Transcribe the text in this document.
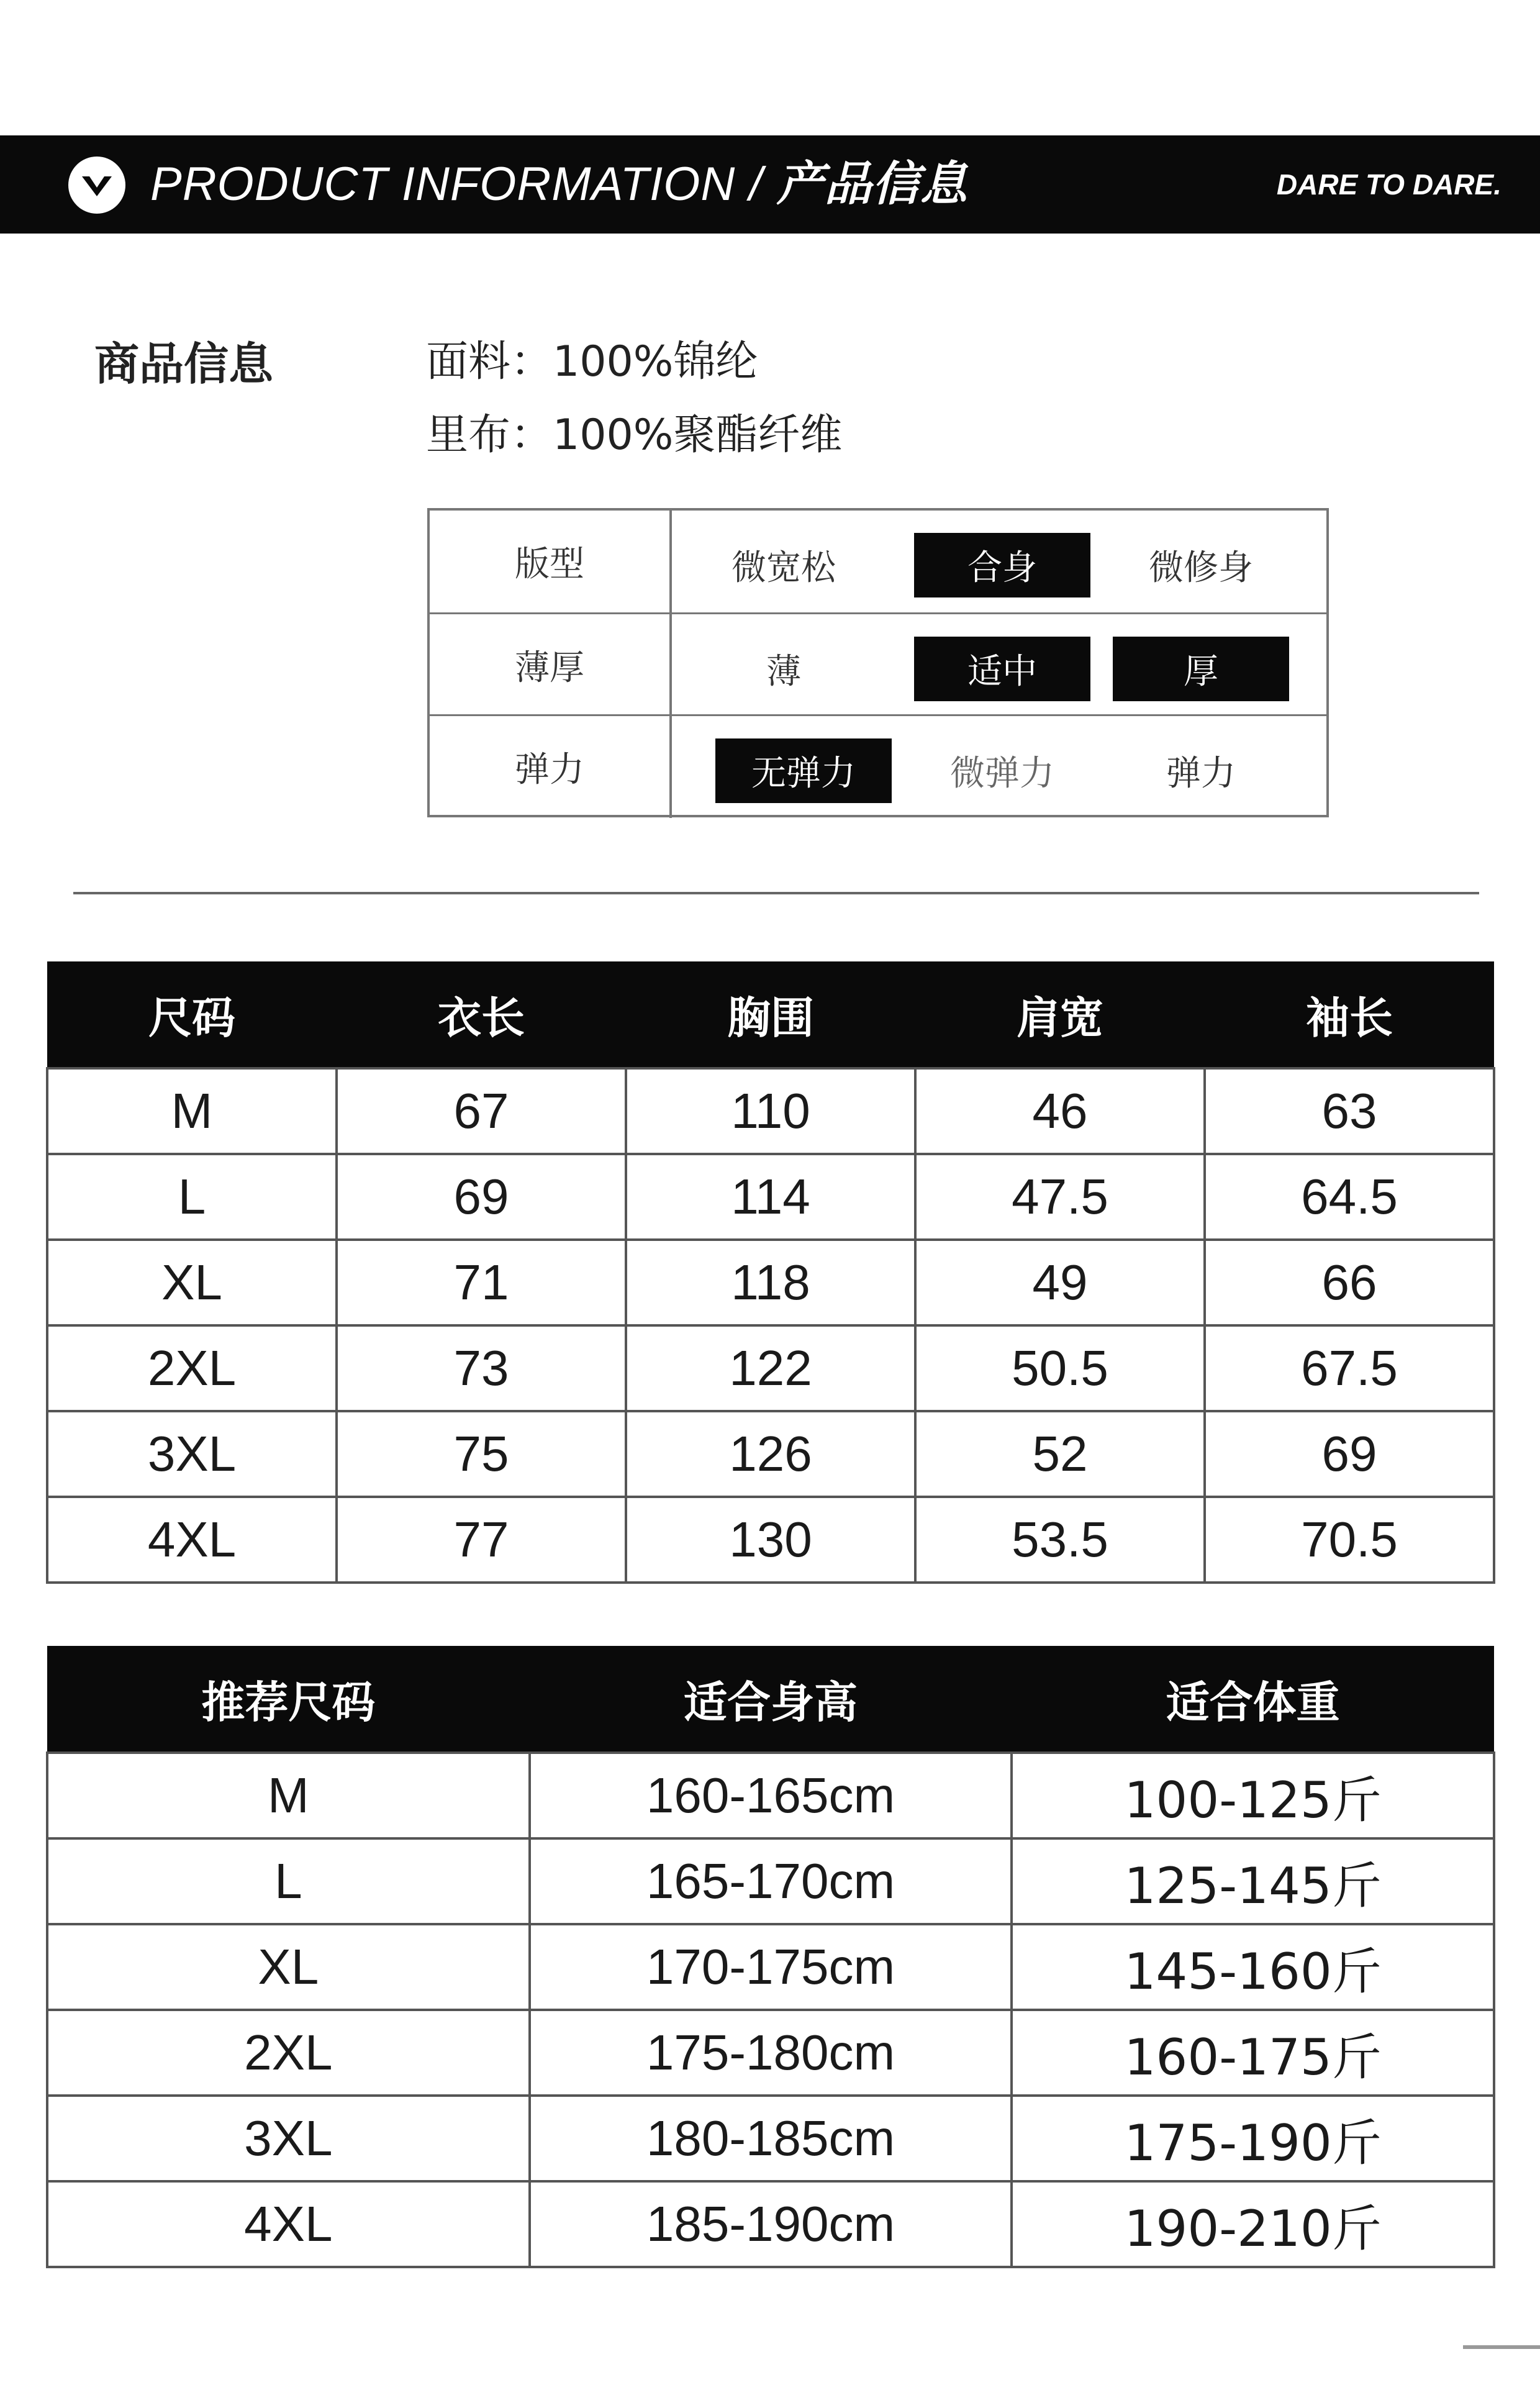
PRODUCT INFORMATION / 产品信息	DARE TO DARE.
商品信息	面料：100%锦纶
里布：100%聚酯纤维
版型	微宽松	合身	微修身
薄厚	薄	适中	厚
弹力	无弹力	微弹力	弹力
尺码	衣长	胸围	肩宽	袖长
M	67	110	46	63
L	69	114	47.5	64.5
XL	71	118	49	66
2XL	73	122	50.5	67.5
3XL	75	126	52	69
4XL	77	130	53.5	70.5
推荐尺码	适合身高	适合体重
M	160-165cm	100-125斤
L	165-170cm	125-145斤
XL	170-175cm	145-160斤
2XL	175-180cm	160-175斤
3XL	180-185cm	175-190斤
4XL	185-190cm	190-210斤
